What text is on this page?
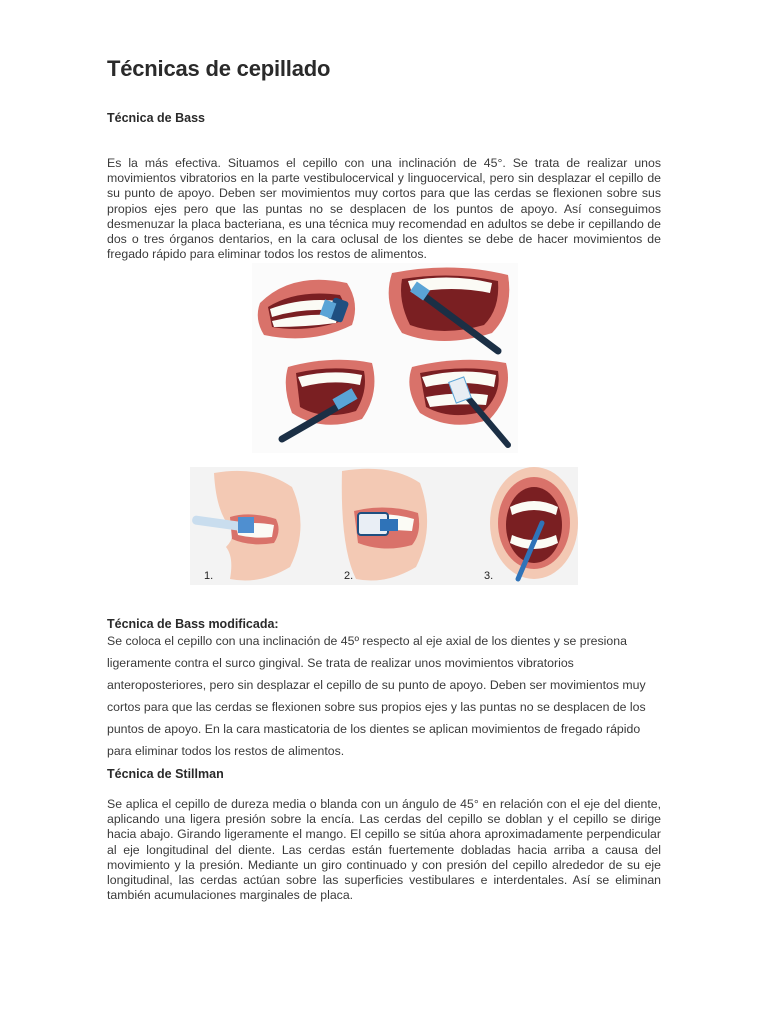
Técnicas de cepillado
Técnica de Bass

Es la más efectiva. Situamos el cepillo con una inclinación de 45°. Se trata de realizar unos movimientos vibratorios en la parte vestibulocervical y linguocervical, pero sin desplazar el cepillo de su punto de apoyo. Deben ser movimientos muy cortos para que las cerdas se flexionen sobre sus propios ejes pero que las puntas no se desplacen de los puntos de apoyo. Así conseguimos desmenuzar la placa bacteriana, es una técnica muy recomendad en adultos se debe ir cepillando de dos o tres órganos dentarios, en la cara oclusal de los dientes se debe de hacer movimientos de fregado rápido para eliminar todos los restos de alimentos.

1.	2.	3.
Técnica de Bass modificada:

Se coloca el cepillo con una inclinación de 45º respecto al eje axial de los dientes y se presiona ligeramente contra el surco gingival. Se trata de realizar unos movimientos vibratorios anteroposteriores, pero sin desplazar el cepillo de su punto de apoyo. Deben ser movimientos muy cortos para que las cerdas se flexionen sobre sus propios ejes y las puntas no se desplacen de los puntos de apoyo. En la cara masticatoria de los dientes se aplican movimientos de fregado rápido para eliminar todos los restos de alimentos.

Técnica de Stillman

Se aplica el cepillo de dureza media o blanda con un ángulo de 45° en relación con el eje del diente, aplicando una ligera presión sobre la encía. Las cerdas del cepillo se doblan y el cepillo se dirige hacia abajo. Girando ligeramente el mango. El cepillo se sitúa ahora aproximadamente perpendicular al eje longitudinal del diente. Las cerdas están fuertemente dobladas hacia arriba a causa del movimiento y la presión. Mediante un giro continuado y con presión del cepillo alrededor de su eje longitudinal, las cerdas actúan sobre las superficies vestibulares e interdentales. Así se eliminan también acumulaciones marginales de placa.
